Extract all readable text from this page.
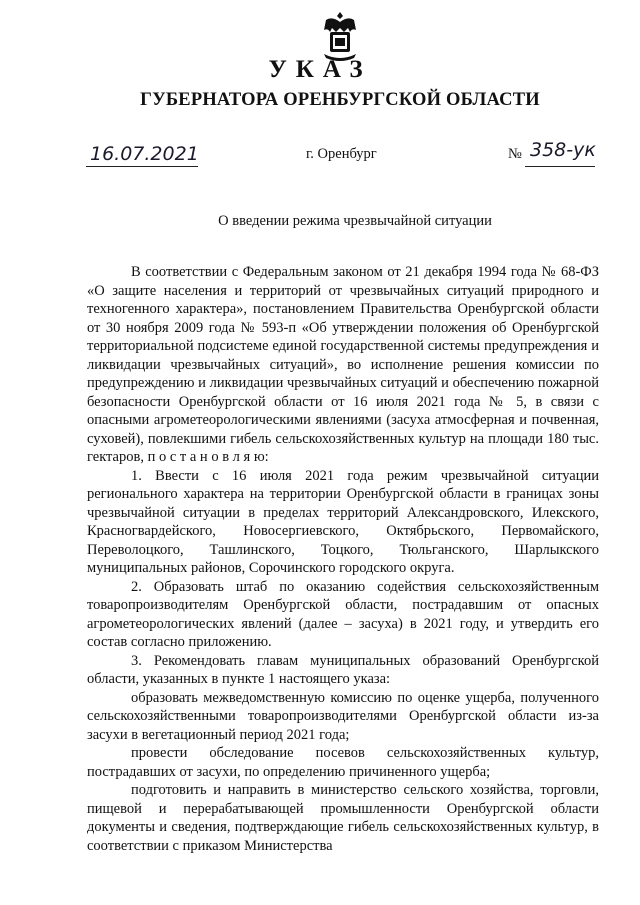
УКАЗ
ГУБЕРНАТОРА ОРЕНБУРГСКОЙ ОБЛАСТИ
16.07.2021	г. Оренбург	№ 358-ук
О введении режима чрезвычайной ситуации

В соответствии с Федеральным законом от 21 декабря 1994 года № 68-ФЗ «О защите населения и территорий от чрезвычайных ситуаций природного и техногенного характера», постановлением Правительства Оренбургской области от 30 ноября 2009 года № 593-п «Об утверждении положения об Оренбургской территориальной подсистеме единой государственной системы предупреждения и ликвидации чрезвычайных ситуаций», во исполнение решения комиссии по предупреждению и ликвидации чрезвычайных ситуаций и обеспечению пожарной безопасности Оренбургской области от 16 июля 2021 года № 5, в связи с опасными агрометеорологическими явлениями (засуха атмосферная и почвенная, суховей), повлекшими гибель сельскохозяйственных культур на площади 180 тыс. гектаров, п о с т а н о в л я ю:

1. Ввести с 16 июля 2021 года режим чрезвычайной ситуации регионального характера на территории Оренбургской области в границах зоны чрезвычайной ситуации в пределах территорий Александровского, Илекского, Красногвардейского, Новосергиевского, Октябрьского, Первомайского, Переволоцкого, Ташлинского, Тоцкого, Тюльганского, Шарлыкского муниципальных районов, Сорочинского городского округа.

2. Образовать штаб по оказанию содействия сельскохозяйственным товаропроизводителям Оренбургской области, пострадавшим от опасных агрометеорологических явлений (далее – засуха) в 2021 году, и утвердить его состав согласно приложению.

3. Рекомендовать главам муниципальных образований Оренбургской области, указанных в пункте 1 настоящего указа:

образовать межведомственную комиссию по оценке ущерба, полученного сельскохозяйственными товаропроизводителями Оренбургской области из-за засухи в вегетационный период 2021 года;

провести обследование посевов сельскохозяйственных культур, пострадавших от засухи, по определению причиненного ущерба;

подготовить и направить в министерство сельского хозяйства, торговли, пищевой и перерабатывающей промышленности Оренбургской области документы и сведения, подтверждающие гибель сельскохозяйственных культур, в соответствии с приказом Министерства
